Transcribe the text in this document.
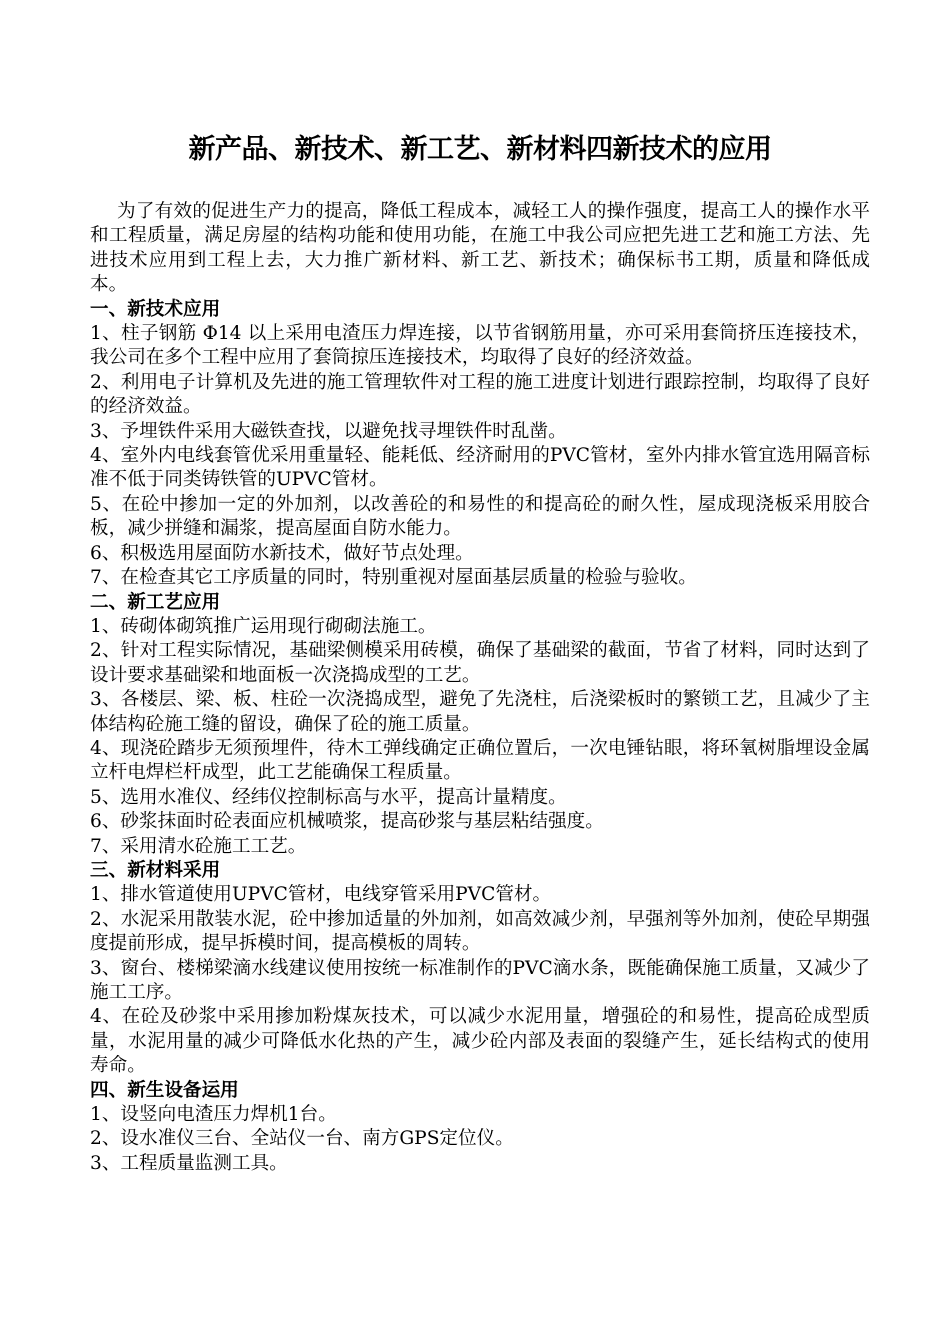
新产品、新技术、新工艺、新材料四新技术的应用

为了有效的促进生产力的提高，降低工程成本，减轻工人的操作强度，提高工人的操作水平和工程质量，满足房屋的结构功能和使用功能，在施工中我公司应把先进工艺和施工方法、先进技术应用到工程上去，大力推广新材料、新工艺、新技术；确保标书工期，质量和降低成本。

一、新技术应用

1、柱子钢筋 Φ14 以上采用电渣压力焊连接，以节省钢筋用量，亦可采用套筒挤压连接技术，我公司在多个工程中应用了套筒掠压连接技术，均取得了良好的经济效益。

2、利用电子计算机及先进的施工管理软件对工程的施工进度计划进行跟踪控制，均取得了良好的经济效益。

3、予埋铁件采用大磁铁查找，以避免找寻埋铁件时乱凿。

4、室外内电线套管优采用重量轻、能耗低、经济耐用的PVC管材，室外内排水管宜选用隔音标准不低于同类铸铁管的UPVC管材。

5、在砼中掺加一定的外加剂，以改善砼的和易性的和提高砼的耐久性，屋成现浇板采用胶合板，减少拼缝和漏浆，提高屋面自防水能力。

6、积极选用屋面防水新技术，做好节点处理。

7、在检查其它工序质量的同时，特别重视对屋面基层质量的检验与验收。

二、新工艺应用

1、砖砌体砌筑推广运用现行砌砌法施工。

2、针对工程实际情况，基础梁侧模采用砖模，确保了基础梁的截面，节省了材料，同时达到了设计要求基础梁和地面板一次浇捣成型的工艺。

3、各楼层、梁、板、柱砼一次浇捣成型，避免了先浇柱，后浇梁板时的繁锁工艺，且减少了主体结构砼施工缝的留设，确保了砼的施工质量。

4、现浇砼踏步无须预埋件，待木工弹线确定正确位置后，一次电锤钻眼，将环氧树脂埋设金属立杆电焊栏杆成型，此工艺能确保工程质量。

5、选用水准仪、经纬仪控制标高与水平，提高计量精度。

6、砂浆抹面时砼表面应机械喷浆，提高砂浆与基层粘结强度。

7、采用清水砼施工工艺。

三、新材料采用

1、排水管道使用UPVC管材，电线穿管采用PVC管材。

2、水泥采用散装水泥，砼中掺加适量的外加剂，如高效减少剂，早强剂等外加剂，使砼早期强度提前形成，提早拆模时间，提高模板的周转。

3、窗台、楼梯梁滴水线建议使用按统一标准制作的PVC滴水条，既能确保施工质量，又减少了施工工序。

4、在砼及砂浆中采用掺加粉煤灰技术，可以减少水泥用量，增强砼的和易性，提高砼成型质量，水泥用量的减少可降低水化热的产生，减少砼内部及表面的裂缝产生，延长结构式的使用寿命。

四、新生设备运用

1、设竖向电渣压力焊机1台。

2、设水准仪三台、全站仪一台、南方GPS定位仪。

3、工程质量监测工具。
